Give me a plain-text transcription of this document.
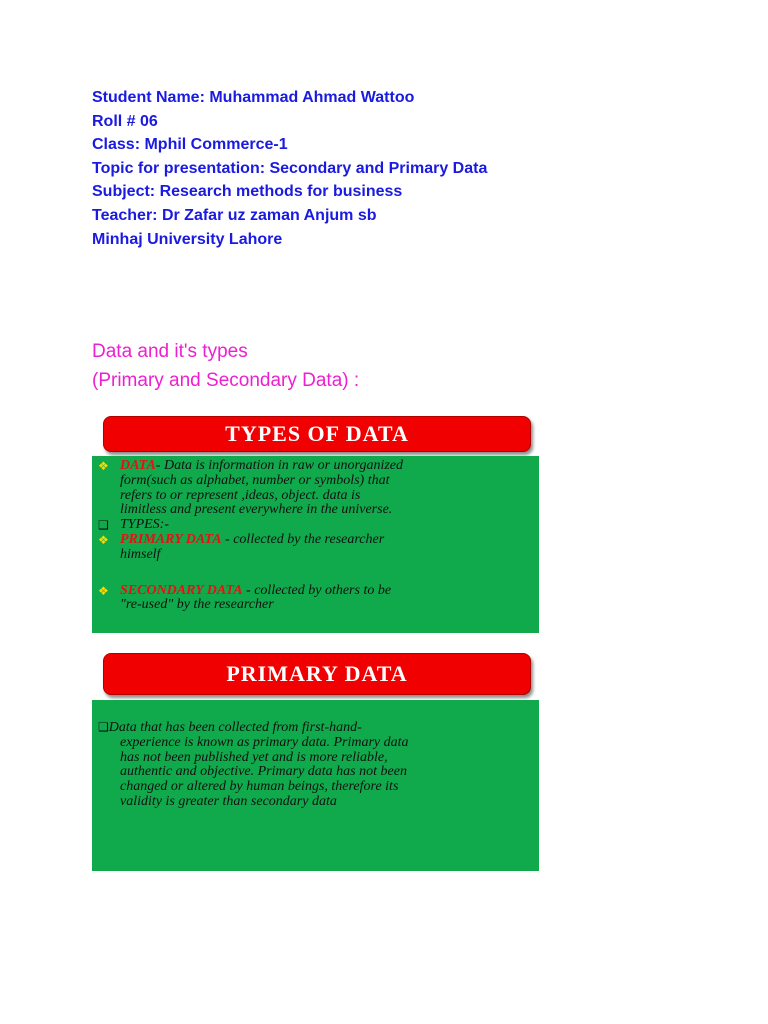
Student Name: Muhammad Ahmad Wattoo
Roll # 06
Class: Mphil Commerce-1
Topic for presentation: Secondary and Primary Data
Subject: Research methods for business
Teacher: Dr Zafar uz zaman Anjum sb
Minhaj University Lahore
Data and it's types
(Primary and Secondary Data) :
TYPES OF DATA
❖ DATA- Data is information in raw or unorganized
form(such as alphabet, number or symbols) that
refers to or represent ,ideas, object. data is
limitless and present everywhere in the universe.
❑ TYPES:-
❖ PRIMARY DATA - collected by the researcher
himself
❖ SECONDARY DATA - collected by others to be
"re-used" by the researcher
PRIMARY DATA
❑Data that has been collected from first-hand-
experience is known as primary data. Primary data
has not been published yet and is more reliable,
authentic and objective. Primary data has not been
changed or altered by human beings, therefore its
validity is greater than secondary data
